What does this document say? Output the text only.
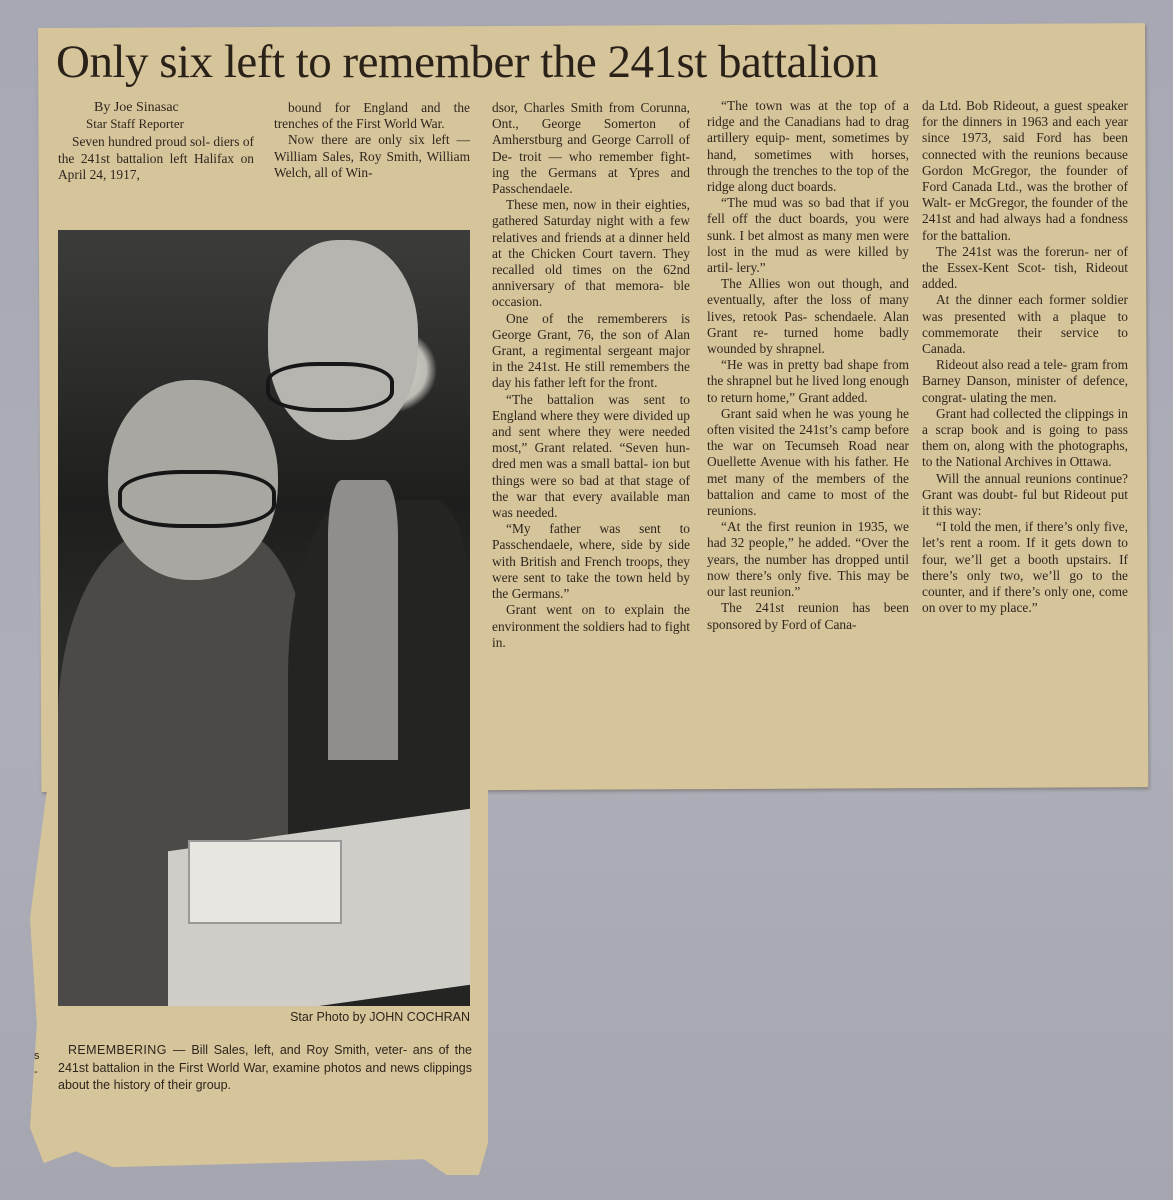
Only six left to remember the 241st battalion

By Joe Sinasac

Star Staff Reporter

Seven hundred proud sol- diers of the 241st battalion left Halifax on April 24, 1917,

bound for England and the trenches of the First World War.

Now there are only six left — William Sales, Roy Smith, William Welch, all of Win-

dsor, Charles Smith from Corunna, Ont., George Somerton of Amherstburg and George Carroll of De- troit — who remember fight- ing the Germans at Ypres and Passchendaele.

These men, now in their eighties, gathered Saturday night with a few relatives and friends at a dinner held at the Chicken Court tavern. They recalled old times on the 62nd anniversary of that memora- ble occasion.

One of the rememberers is George Grant, 76, the son of Alan Grant, a regimental sergeant major in the 241st. He still remembers the day his father left for the front.

“The battalion was sent to England where they were divided up and sent where they were needed most,” Grant related. “Seven hun- dred men was a small battal- ion but things were so bad at that stage of the war that every available man was needed.

“My father was sent to Passchendaele, where, side by side with British and French troops, they were sent to take the town held by the Germans.”

Grant went on to explain the environment the soldiers had to fight in.

“The town was at the top of a ridge and the Canadians had to drag artillery equip- ment, sometimes by hand, sometimes with horses, through the trenches to the top of the ridge along duct boards.

“The mud was so bad that if you fell off the duct boards, you were sunk. I bet almost as many men were lost in the mud as were killed by artil- lery.”

The Allies won out though, and eventually, after the loss of many lives, retook Pas- schendaele. Alan Grant re- turned home badly wounded by shrapnel.

“He was in pretty bad shape from the shrapnel but he lived long enough to return home,” Grant added.

Grant said when he was young he often visited the 241st’s camp before the war on Tecumseh Road near Ouellette Avenue with his father. He met many of the members of the battalion and came to most of the reunions.

“At the first reunion in 1935, we had 32 people,” he added. “Over the years, the number has dropped until now there’s only five. This may be our last reunion.”

The 241st reunion has been sponsored by Ford of Cana-

da Ltd. Bob Rideout, a guest speaker for the dinners in 1963 and each year since 1973, said Ford has been connected with the reunions because Gordon McGregor, the founder of Ford Canada Ltd., was the brother of Walt- er McGregor, the founder of the 241st and had always had a fondness for the battalion.

The 241st was the forerun- ner of the Essex-Kent Scot- tish, Rideout added.

At the dinner each former soldier was presented with a plaque to commemorate their service to Canada.

Rideout also read a tele- gram from Barney Danson, minister of defence, congrat- ulating the men.

Grant had collected the clippings in a scrap book and is going to pass them on, along with the photographs, to the National Archives in Ottawa.

Will the annual reunions continue? Grant was doubt- ful but Rideout put it this way:

“I told the men, if there’s only five, let’s rent a room. If it gets down to four, we’ll get a booth upstairs. If there’s only two, we’ll go to the counter, and if there’s only one, come on over to my place.”

Star Photo by JOHN COCHRAN
REMEMBERING — Bill Sales, left, and Roy Smith, veter- ans of the 241st battalion in the First World War, examine photos and news clippings about the history of their group.
s
-
